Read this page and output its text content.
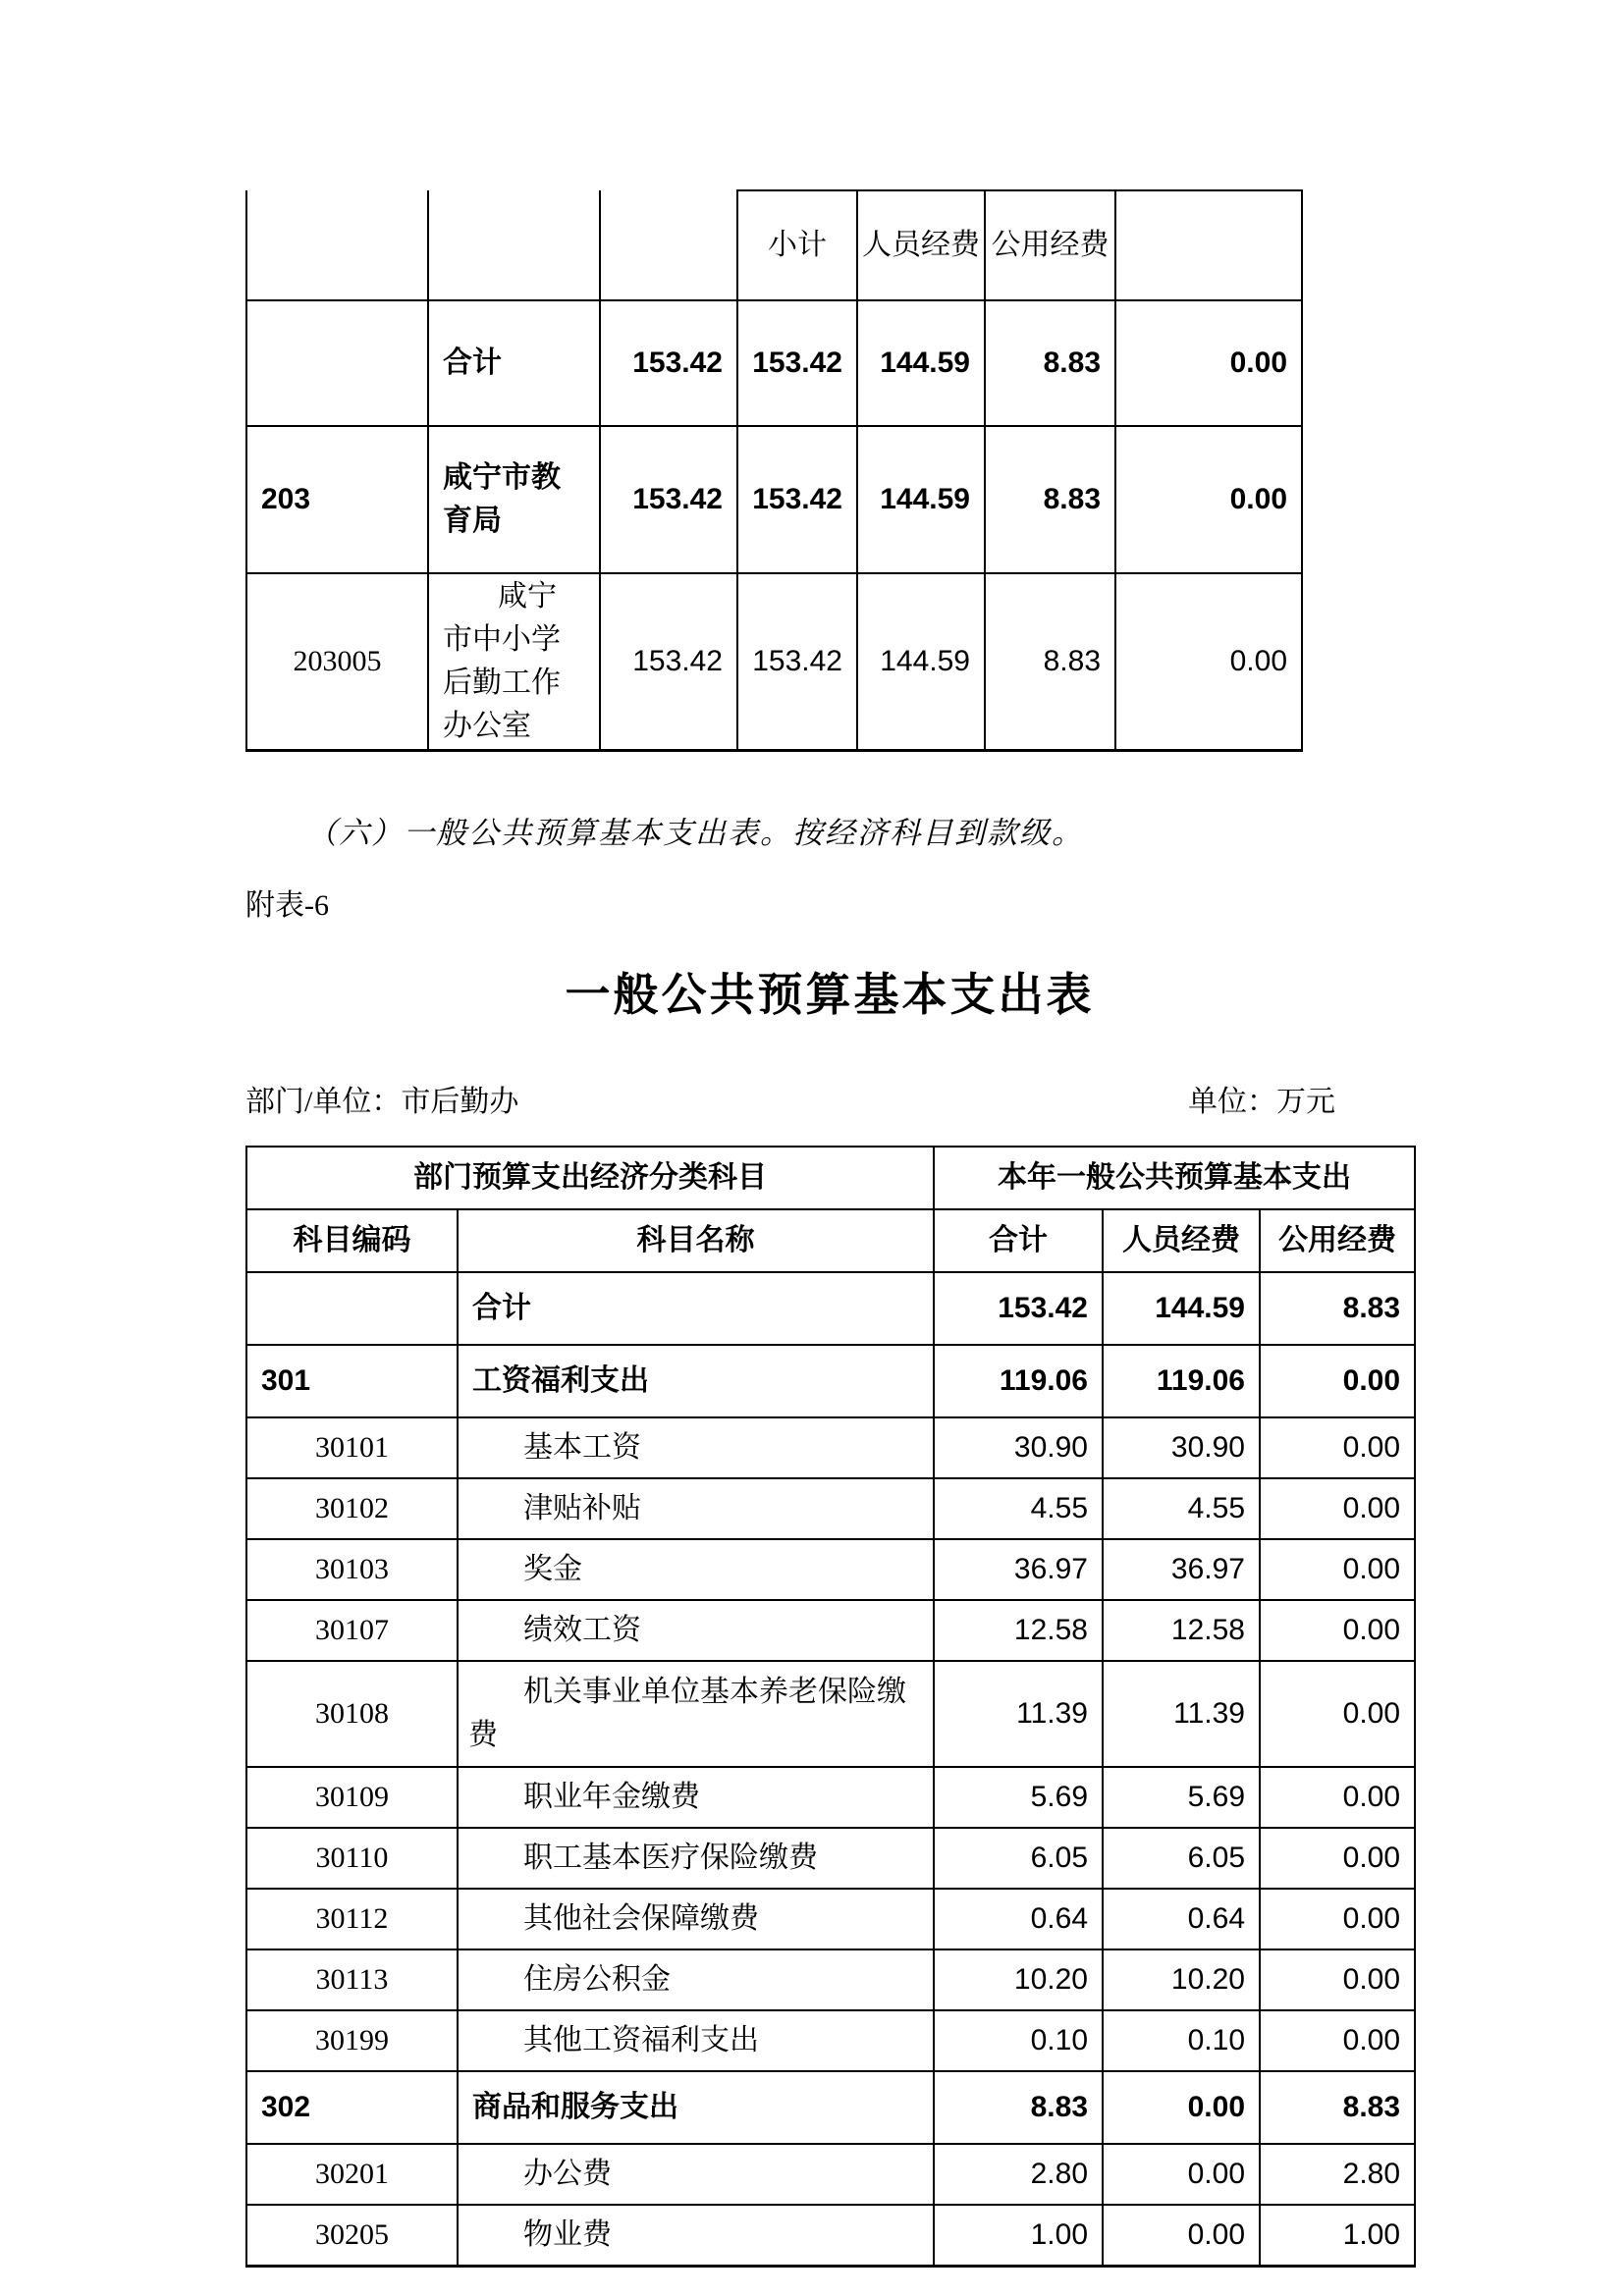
			小计	人员经费	公用经费	
	合计	153.42	153.42	144.59	8.83	0.00
203	咸宁市教育局	153.42	153.42	144.59	8.83	0.00
203005	咸宁市中小学后勤工作办公室	153.42	153.42	144.59	8.83	0.00

（六）一般公共预算基本支出表。按经济科目到款级。

附表-6

一般公共预算基本支出表
部门/单位：市后勤办	单位：万元
部门预算支出经济分类科目		本年一般公共预算基本支出		
科目编码	科目名称	合计	人员经费	公用经费
	合计	153.42	144.59	8.83
301	工资福利支出	119.06	119.06	0.00
30101	基本工资	30.90	30.90	0.00
30102	津贴补贴	4.55	4.55	0.00
30103	奖金	36.97	36.97	0.00
30107	绩效工资	12.58	12.58	0.00
30108	机关事业单位基本养老保险缴费	11.39	11.39	0.00
30109	职业年金缴费	5.69	5.69	0.00
30110	职工基本医疗保险缴费	6.05	6.05	0.00
30112	其他社会保障缴费	0.64	0.64	0.00
30113	住房公积金	10.20	10.20	0.00
30199	其他工资福利支出	0.10	0.10	0.00
302	商品和服务支出	8.83	0.00	8.83
30201	办公费	2.80	0.00	2.80
30205	物业费	1.00	0.00	1.00
